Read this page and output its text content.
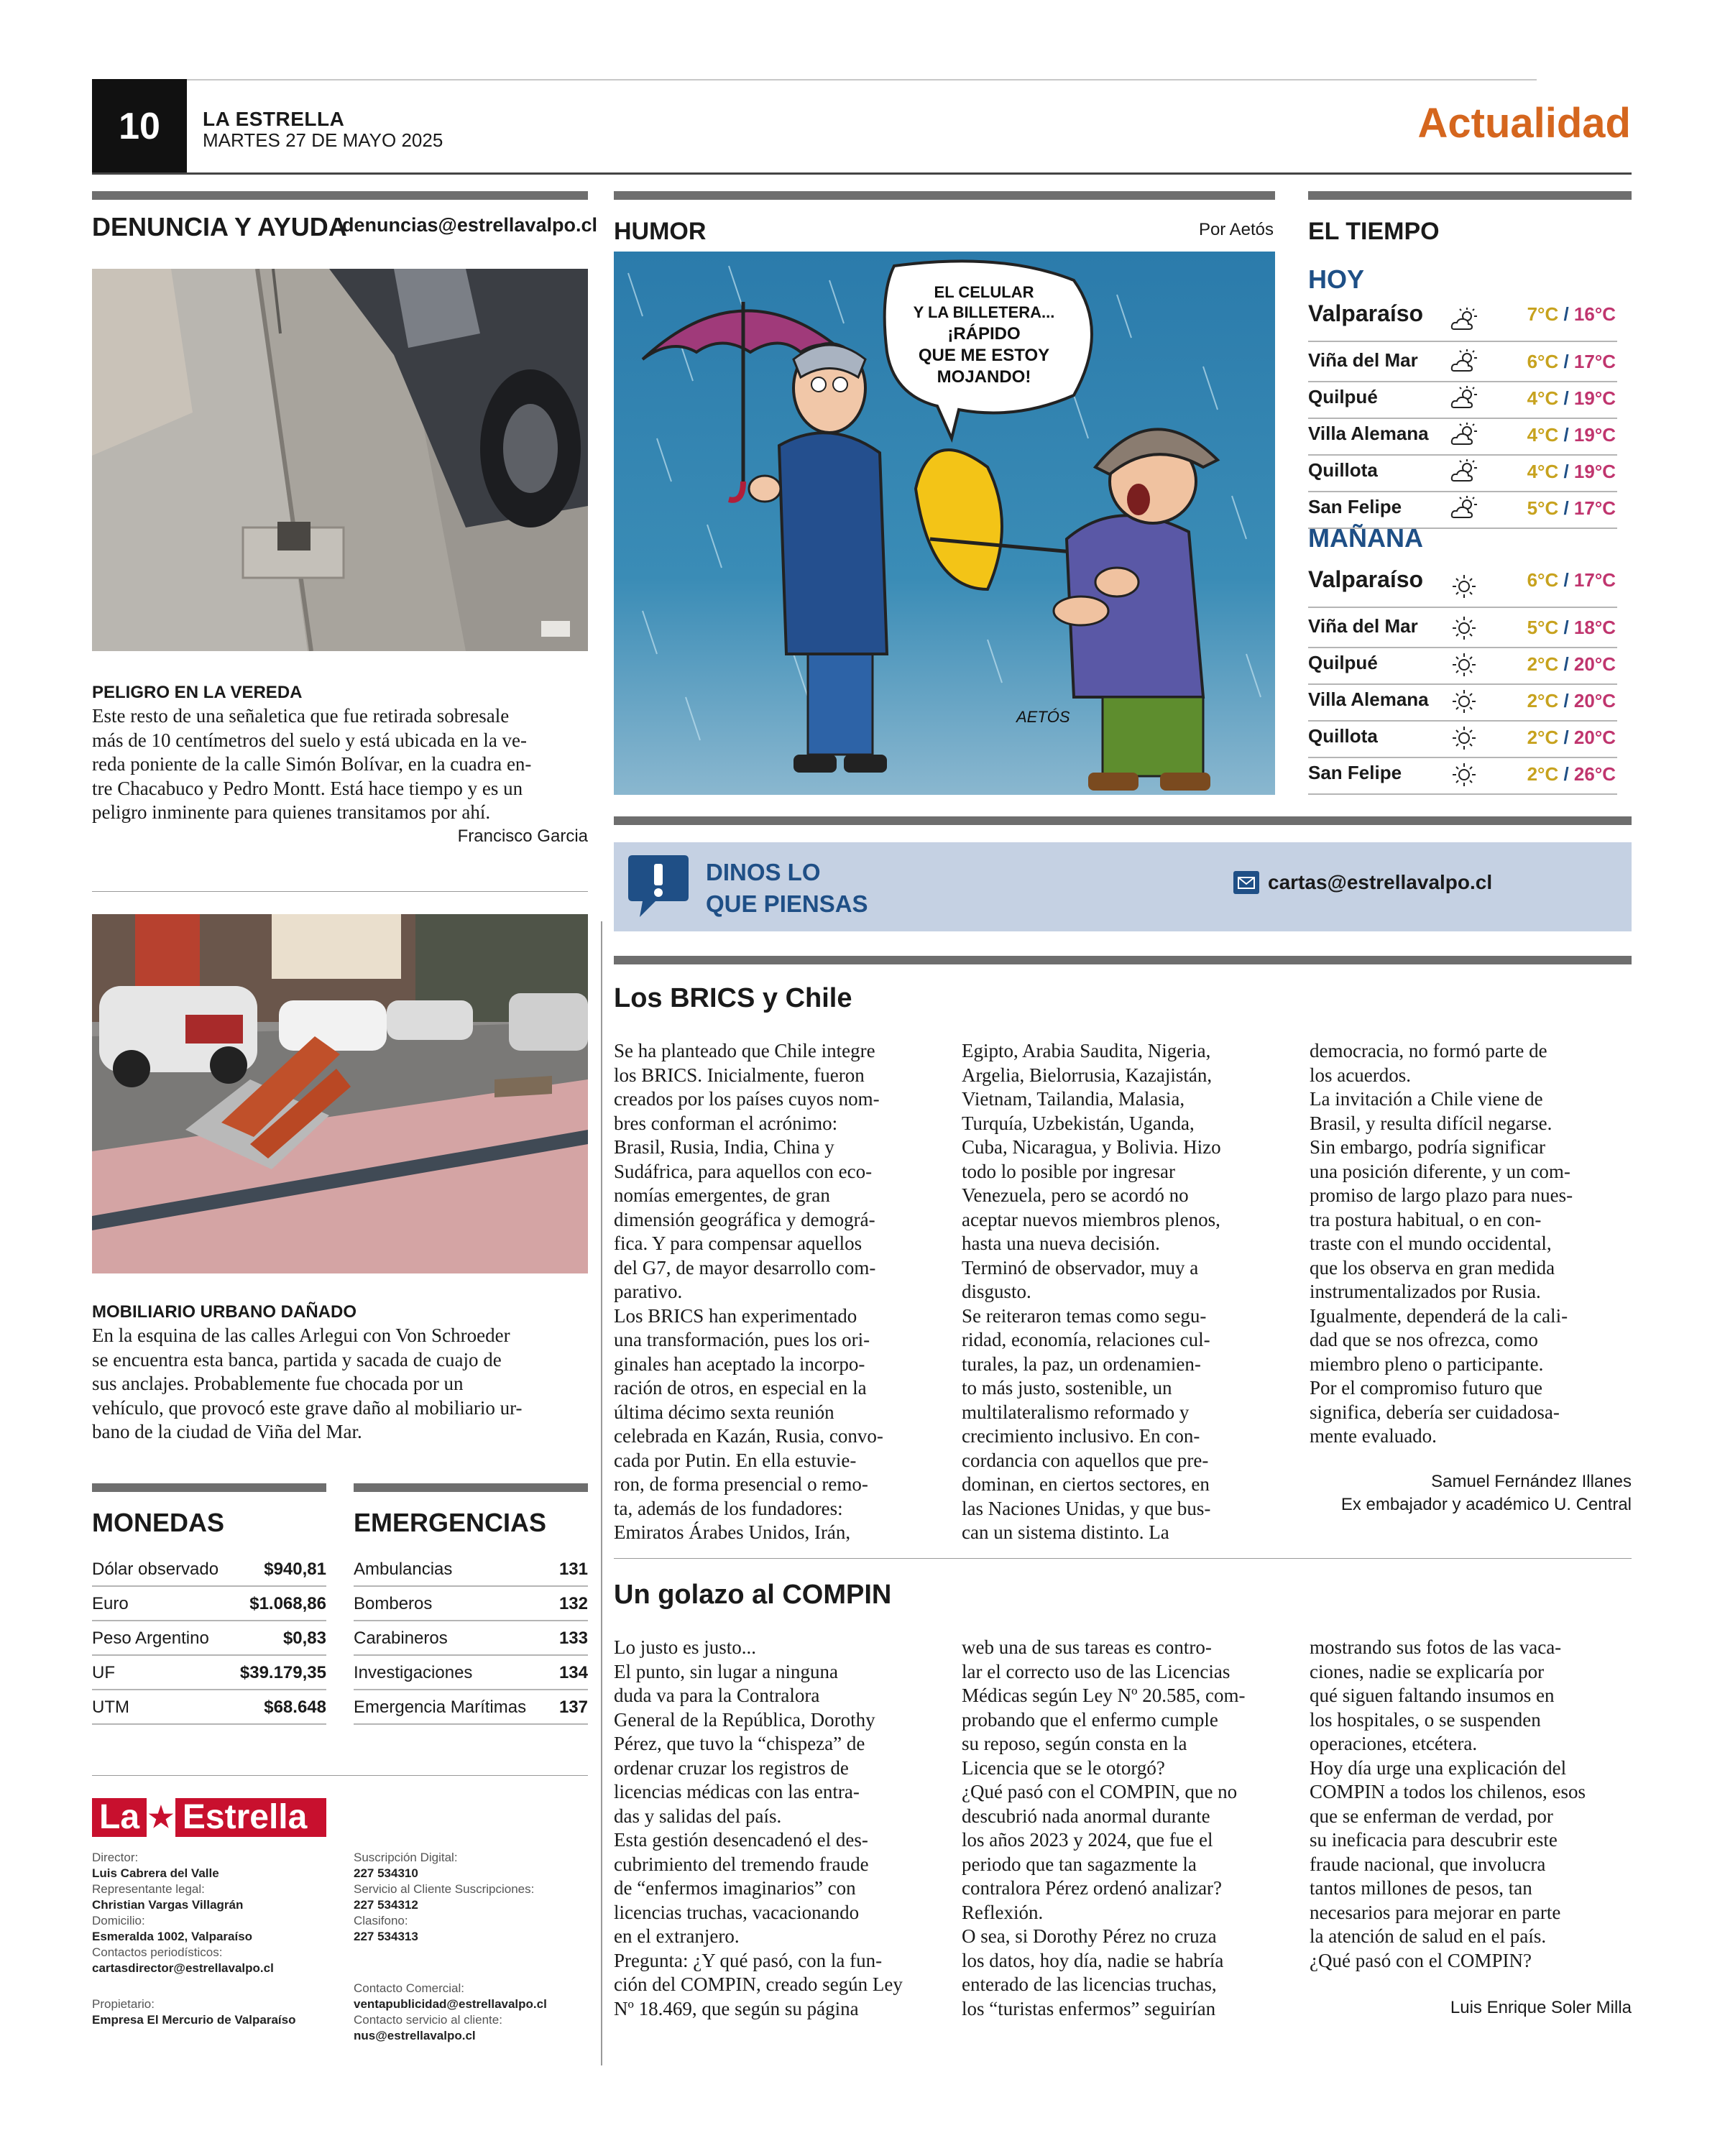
10	LA ESTRELLA
MARTES 27 DE MAYO 2025	Actualidad
DENUNCIA Y AYUDA
denuncias@estrellavalpo.cl
PELIGRO EN LA VEREDA
Este resto de una señaletica que fue retirada sobresale
más de 10 centímetros del suelo y está ubicada en la ve-
reda poniente de la calle Simón Bolívar, en la cuadra en-
tre Chacabuco y Pedro Montt. Está hace tiempo y es un
peligro inminente para quienes transitamos por ahí.
Francisco Garcia
MOBILIARIO URBANO DAÑADO
En la esquina de las calles Arlegui con Von Schroeder
se encuentra esta banca, partida y sacada de cuajo de
sus anclajes. Probablemente fue chocada por un
vehículo, que provocó este grave daño al mobiliario ur-
bano de la ciudad de Viña del Mar.
MONEDAS
Dólar observado	$940,81
Euro	$1.068,86
Peso Argentino	$0,83
UF	$39.179,35
UTM	$68.648
EMERGENCIAS
Ambulancias	131
Bomberos	132
Carabineros	133
Investigaciones	134
Emergencia Marítimas 137
La ★ Estrella
Director:
Luis Cabrera del Valle
Representante legal:
Christian Vargas Villagrán
Domicilio:
Esmeralda 1002, Valparaíso
Contactos periodísticos:
cartasdirector@estrellavalpo.cl
Propietario:
Empresa El Mercurio de Valparaíso
Suscripción Digital:
227 534310
Servicio al Cliente Suscripciones:
227 534312
Clasifono:
227 534313
Contacto Comercial:
ventapublicidad@estrellavalpo.cl
Contacto servicio al cliente:
nus@estrellavalpo.cl
HUMOR	Por Aetós
EL CELULAR
Y LA BILLETERA...
¡RÁPIDO
QUE ME ESTOY
MOJANDO!
AETÓS
EL TIEMPO
HOY
MAÑANA
Valparaíso	7°C / 16°C
Viña del Mar	6°C / 17°C
Quilpué	4°C / 19°C
Villa Alemana	4°C / 19°C
Quillota	4°C / 19°C
San Felipe	5°C / 17°C
Valparaíso	6°C / 17°C
Viña del Mar	5°C / 18°C
Quilpué	2°C / 20°C
Villa Alemana	2°C / 20°C
Quillota	2°C / 20°C
San Felipe	2°C / 26°C
DINOS LO
QUE PIENSAS
cartas@estrellavalpo.cl
Los BRICS y Chile
Se ha planteado que Chile integre
los BRICS. Inicialmente, fueron
creados por los países cuyos nom-
bres conforman el acrónimo:
Brasil, Rusia, India, China y
Sudáfrica, para aquellos con eco-
nomías emergentes, de gran
dimensión geográfica y demográ-
fica. Y para compensar aquellos
del G7, de mayor desarrollo com-
parativo.
Los BRICS han experimentado
una transformación, pues los ori-
ginales han aceptado la incorpo-
ración de otros, en especial en la
última décimo sexta reunión
celebrada en Kazán, Rusia, convo-
cada por Putin. En ella estuvie-
ron, de forma presencial o remo-
ta, además de los fundadores:
Emiratos Árabes Unidos, Irán,
Egipto, Arabia Saudita, Nigeria,
Argelia, Bielorrusia, Kazajistán,
Vietnam, Tailandia, Malasia,
Turquía, Uzbekistán, Uganda,
Cuba, Nicaragua, y Bolivia. Hizo
todo lo posible por ingresar
Venezuela, pero se acordó no
aceptar nuevos miembros plenos,
hasta una nueva decisión.
Terminó de observador, muy a
disgusto.
Se reiteraron temas como segu-
ridad, economía, relaciones cul-
turales, la paz, un ordenamien-
to más justo, sostenible, un
multilateralismo reformado y
crecimiento inclusivo. En con-
cordancia con aquellos que pre-
dominan, en ciertos sectores, en
las Naciones Unidas, y que bus-
can un sistema distinto. La
democracia, no formó parte de
los acuerdos.
La invitación a Chile viene de
Brasil, y resulta difícil negarse.
Sin embargo, podría significar
una posición diferente, y un com-
promiso de largo plazo para nues-
tra postura habitual, o en con-
traste con el mundo occidental,
que los observa en gran medida
instrumentalizados por Rusia.
Igualmente, dependerá de la cali-
dad que se nos ofrezca, como
miembro pleno o participante.
Por el compromiso futuro que
significa, debería ser cuidadosa-
mente evaluado.
Samuel Fernández Illanes
Ex embajador y académico U. Central
Un golazo al COMPIN
Lo justo es justo...
El punto, sin lugar a ninguna
duda va para la Contralora
General de la República, Dorothy
Pérez, que tuvo la “chispeza” de
ordenar cruzar los registros de
licencias médicas con las entra-
das y salidas del país.
Esta gestión desencadenó el des-
cubrimiento del tremendo fraude
de “enfermos imaginarios” con
licencias truchas, vacacionando
en el extranjero.
Pregunta: ¿Y qué pasó, con la fun-
ción del COMPIN, creado según Ley
Nº 18.469, que según su página
web una de sus tareas es contro-
lar el correcto uso de las Licencias
Médicas según Ley Nº 20.585, com-
probando que el enfermo cumple
su reposo, según consta en la
Licencia que se le otorgó?
¿Qué pasó con el COMPIN, que no
descubrió nada anormal durante
los años 2023 y 2024, que fue el
periodo que tan sagazmente la
contralora Pérez ordenó analizar?
Reflexión.
O sea, si Dorothy Pérez no cruza
los datos, hoy día, nadie se habría
enterado de las licencias truchas,
los “turistas enfermos” seguirían
mostrando sus fotos de las vaca-
ciones, nadie se explicaría por
qué siguen faltando insumos en
los hospitales, o se suspenden
operaciones, etcétera.
Hoy día urge una explicación del
COMPIN a todos los chilenos, esos
que se enferman de verdad, por
su ineficacia para descubrir este
fraude nacional, que involucra
tantos millones de pesos, tan
necesarios para mejorar en parte
la atención de salud en el país.
¿Qué pasó con el COMPIN?
Luis Enrique Soler Milla
